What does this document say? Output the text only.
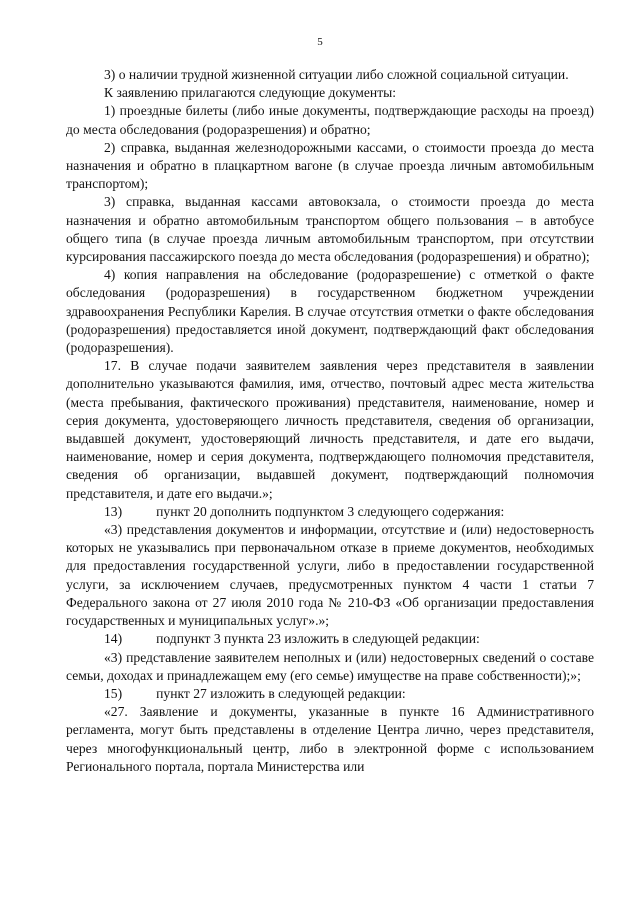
5

3) о наличии трудной жизненной ситуации либо сложной социальной ситуации.

К заявлению прилагаются следующие документы:

1) проездные билеты (либо иные документы, подтверждающие расходы на проезд) до места обследования (родоразрешения) и обратно;

2) справка, выданная железнодорожными кассами, о стоимости проезда до места назначения и обратно в плацкартном вагоне (в случае проезда личным автомобильным транспортом);

3) справка, выданная кассами автовокзала, о стоимости проезда до места назначения и обратно автомобильным транспортом общего пользования – в автобусе общего типа (в случае проезда личным автомобильным транспортом, при отсутствии курсирования пассажирского поезда до места обследования (родоразрешения) и обратно);

4) копия направления на обследование (родоразрешение) с отметкой о факте обследования (родоразрешения) в государственном бюджетном учреждении здравоохранения Республики Карелия. В случае отсутствия отметки о факте обследования (родоразрешения) предоставляется иной документ, подтверждающий факт обследования (родоразрешения).

17. В случае подачи заявителем заявления через представителя в заявлении дополнительно указываются фамилия, имя, отчество, почтовый адрес места жительства (места пребывания, фактического проживания) представителя, наименование, номер и серия документа, удостоверяющего личность представителя, сведения об организации, выдавшей документ, удостоверяющий личность представителя, и дате его выдачи, наименование, номер и серия документа, подтверждающего полномочия представителя, сведения об организации, выдавшей документ, подтверждающий полномочия представителя, и дате его выдачи.»;

13)	пункт 20 дополнить подпунктом 3 следующего содержания:

«3) представления документов и информации, отсутствие и (или) недостоверность которых не указывались при первоначальном отказе в приеме документов, необходимых для предоставления государственной услуги, либо в предоставлении государственной услуги, за исключением случаев, предусмотренных пунктом 4 части 1 статьи 7 Федерального закона от 27 июля 2010 года № 210-ФЗ «Об организации предоставления государственных и муниципальных услуг».»;

14)	подпункт 3 пункта 23 изложить в следующей редакции:

«3) представление заявителем неполных и (или) недостоверных сведений о составе семьи, доходах и принадлежащем ему (его семье) имуществе на праве собственности);»;

15)	пункт 27 изложить в следующей редакции:

«27. Заявление и документы, указанные в пункте 16 Административного регламента, могут быть представлены в отделение Центра лично, через представителя, через многофункциональный центр, либо в электронной форме с использованием Регионального портала, портала Министерства или
